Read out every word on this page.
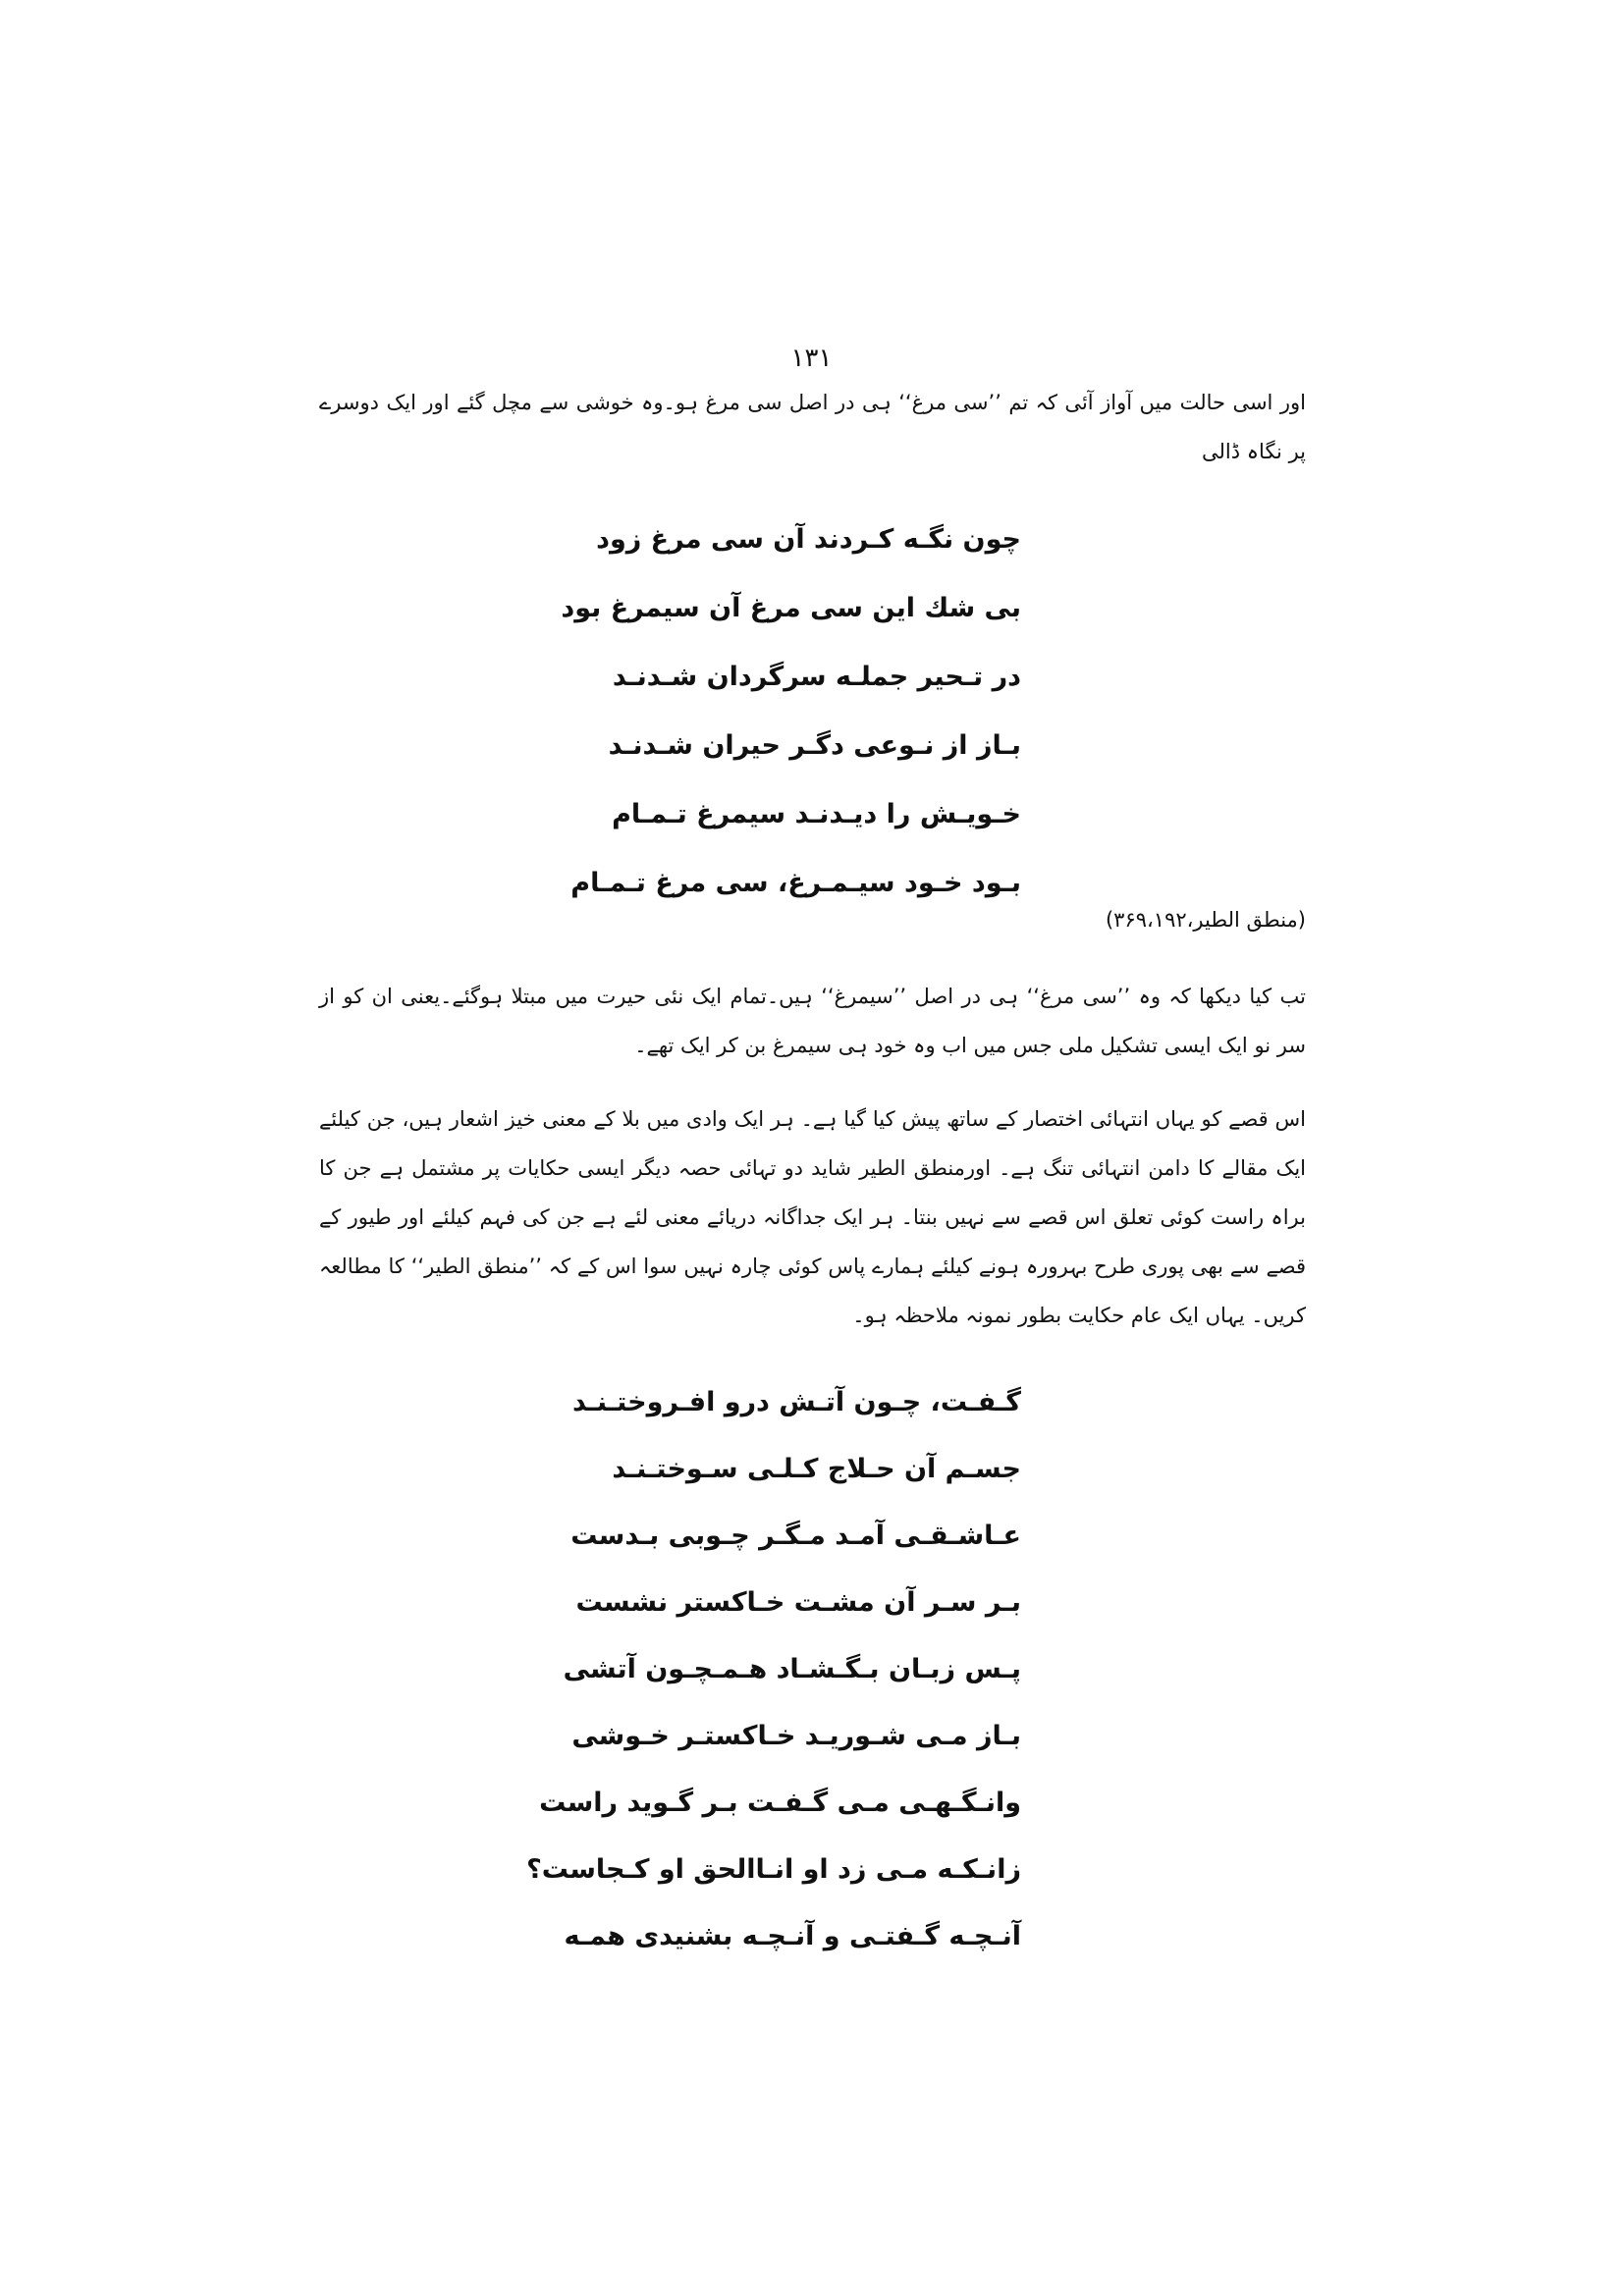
۱۳۱

اور اسی حالت میں آواز آئی کہ تم ’’سی مرغ‘‘ ہی در اصل سی مرغ ہو۔وہ خوشی سے مچل گئے اور ایک دوسرے پر نگاہ ڈالی

چون نگـه کـردند آن سی مرغ زود
بی شك این سی مرغ آن سیمرغ بود
در تـحیر جملـه سرگردان شـدنـد
بـاز از نـوعی دگـر حیران شـدنـد
خـویـش را دیـدنـد سیمرغ تـمـام
بـود خـود سیـمـرغ، سی مرغ تـمـام
(منطق الطیر،۳۶۹،۱۹۲)

تب کیا دیکھا کہ وہ ’’سی مرغ‘‘ ہی در اصل ’’سیمرغ‘‘ ہیں۔تمام ایک نئی حیرت میں مبتلا ہوگئے۔یعنی ان کو از سر نو ایک ایسی تشکیل ملی جس میں اب وہ خود ہی سیمرغ بن کر ایک تھے۔

اس قصے کو یہاں انتہائی اختصار کے ساتھ پیش کیا گیا ہے۔ ہر ایک وادی میں بلا کے معنی خیز اشعار ہیں، جن کیلئے ایک مقالے کا دامن انتہائی تنگ ہے۔ اورمنطق الطیر شاید دو تہائی حصہ دیگر ایسی حکایات پر مشتمل ہے جن کا براہ راست کوئی تعلق اس قصے سے نہیں بنتا۔ ہر ایک جداگانہ دریائے معنی لئے ہے جن کی فہم کیلئے اور طیور کے قصے سے بھی پوری طرح بہرورہ ہونے کیلئے ہمارے پاس کوئی چارہ نہیں سوا اس کے کہ ’’منطق الطیر‘‘ کا مطالعہ کریں۔ یہاں ایک عام حکایت بطور نمونہ ملاحظہ ہو۔

گـفـت، چـون آتـش درو افـروختـنـد
جسـم آن حـلاج کـلـی سـوختـنـد
عـاشـقـی آمـد مـگـر چـوبی بـدست
بـر سـر آن مشـت خـاکستر نشست
پـس زبـان بـگـشـاد هـمـچـون آتشی
بـاز مـی شـوریـد خـاکستـر خـوشی
وانـگـهـی مـی گـفـت بـر گـوید راست
زانـکـه مـی زد او انـاالحق او کـجاست؟
آنـچـه گـفتـی و آنـچـه بشنیدی همـه
